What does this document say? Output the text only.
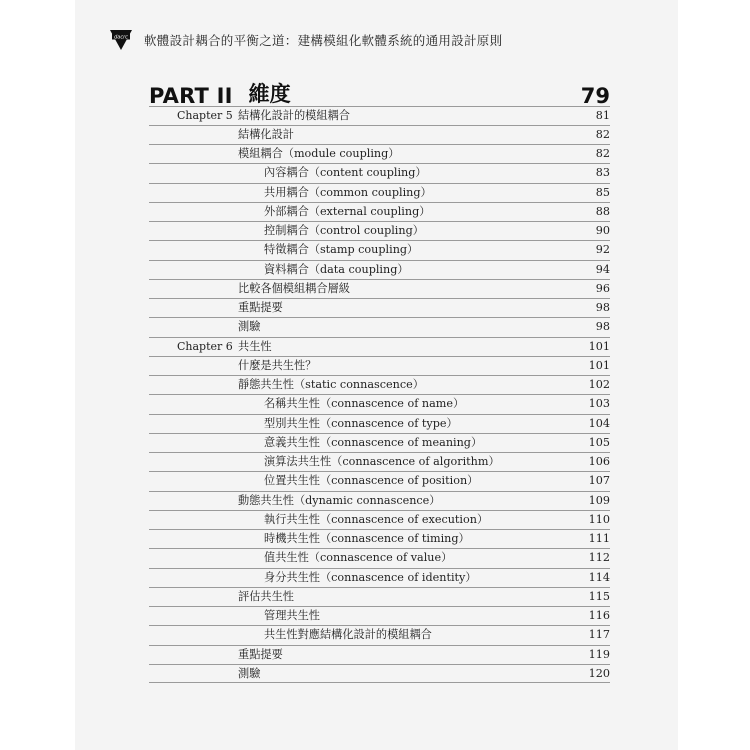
dacrc 軟體設計耦合的平衡之道：建構模組化軟體系統的通用設計原則
PART II 維度	79
Chapter 5 結構化設計的模組耦合	81
結構化設計	82
模組耦合（module coupling）	82
內容耦合（content coupling）	83
共用耦合（common coupling）	85
外部耦合（external coupling）	88
控制耦合（control coupling）	90
特徵耦合（stamp coupling）	92
資料耦合（data coupling）	94
比較各個模組耦合層級	96
重點提要	98
測驗	98
Chapter 6 共生性	101
什麼是共生性？	101
靜態共生性（static connascence）	102
名稱共生性（connascence of name）	103
型別共生性（connascence of type）	104
意義共生性（connascence of meaning）	105
演算法共生性（connascence of algorithm）	106
位置共生性（connascence of position）	107
動態共生性（dynamic connascence）	109
執行共生性（connascence of execution）	110
時機共生性（connascence of timing）	111
值共生性（connascence of value）	112
身分共生性（connascence of identity）	114
評估共生性	115
管理共生性	116
共生性對應結構化設計的模組耦合	117
重點提要	119
測驗	120
